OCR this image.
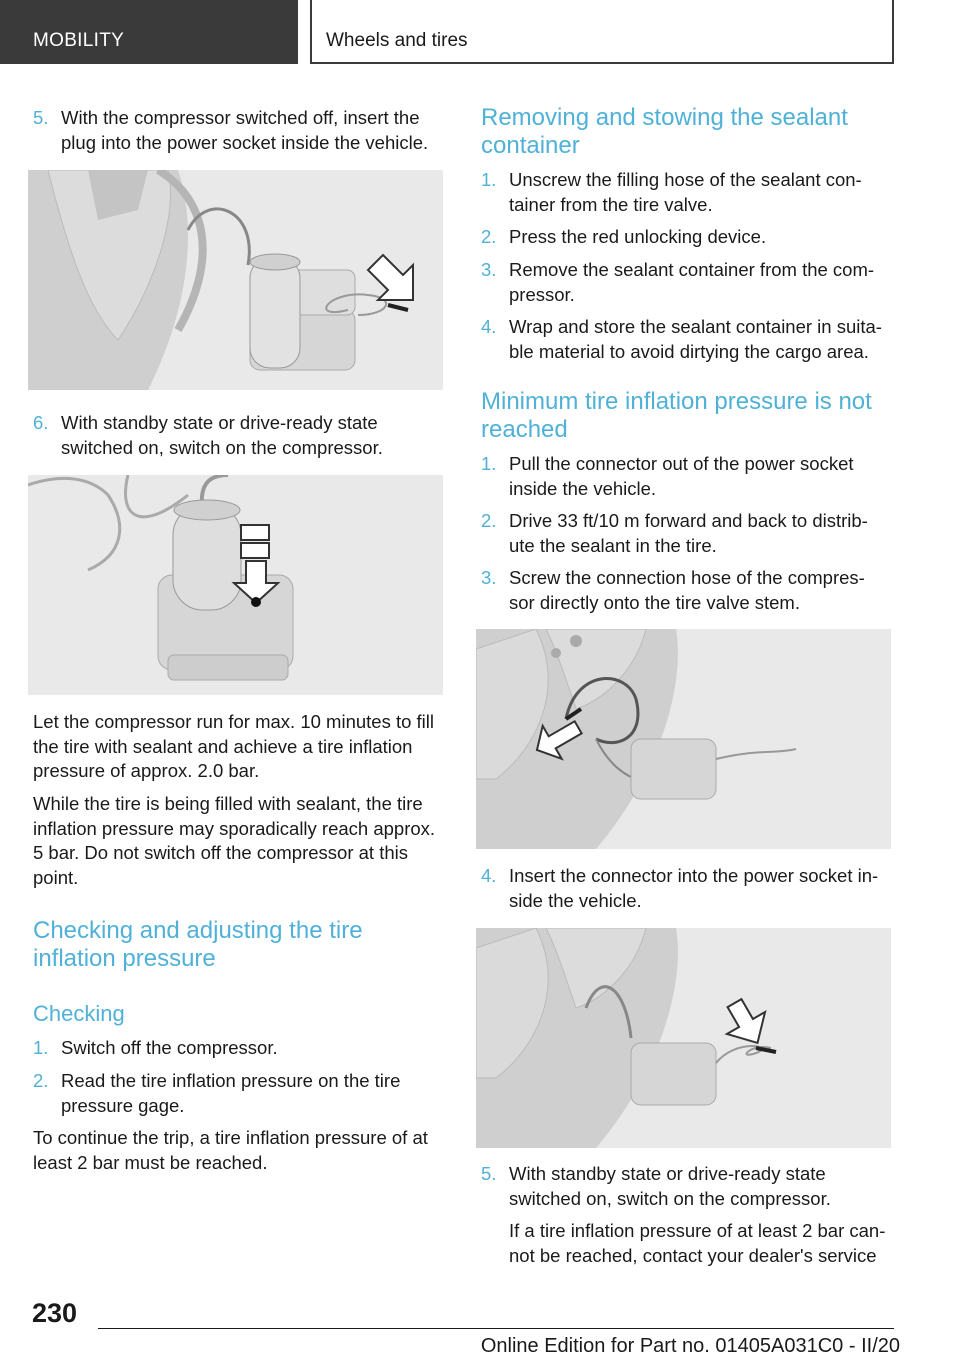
MOBILITY	Wheels and tires
5. With the compressor switched off, insert the
plug into the power socket inside the vehicle.
6. With standby state or drive-ready state
switched on, switch on the compressor.
Let the compressor run for max. 10 minutes to fill
the tire with sealant and achieve a tire inflation
pressure of approx. 2.0 bar.
While the tire is being filled with sealant, the tire
inflation pressure may sporadically reach approx.
5 bar. Do not switch off the compressor at this
point.
Checking and adjusting the tire
inflation pressure
Checking
1. Switch off the compressor.
2. Read the tire inflation pressure on the tire
pressure gage.
To continue the trip, a tire inflation pressure of at
least 2 bar must be reached.
Removing and stowing the sealant
container
1. Unscrew the filling hose of the sealant con-
tainer from the tire valve.
2. Press the red unlocking device.
3. Remove the sealant container from the com-
pressor.
4. Wrap and store the sealant container in suita-
ble material to avoid dirtying the cargo area.
Minimum tire inflation pressure is not
reached
1. Pull the connector out of the power socket
inside the vehicle.
2. Drive 33 ft/10 m forward and back to distrib-
ute the sealant in the tire.
3. Screw the connection hose of the compres-
sor directly onto the tire valve stem.
4. Insert the connector into the power socket in-
side the vehicle.
5. With standby state or drive-ready state
switched on, switch on the compressor.
If a tire inflation pressure of at least 2 bar can-
not be reached, contact your dealer's service
230
Online Edition for Part no. 01405A031C0 - II/20
